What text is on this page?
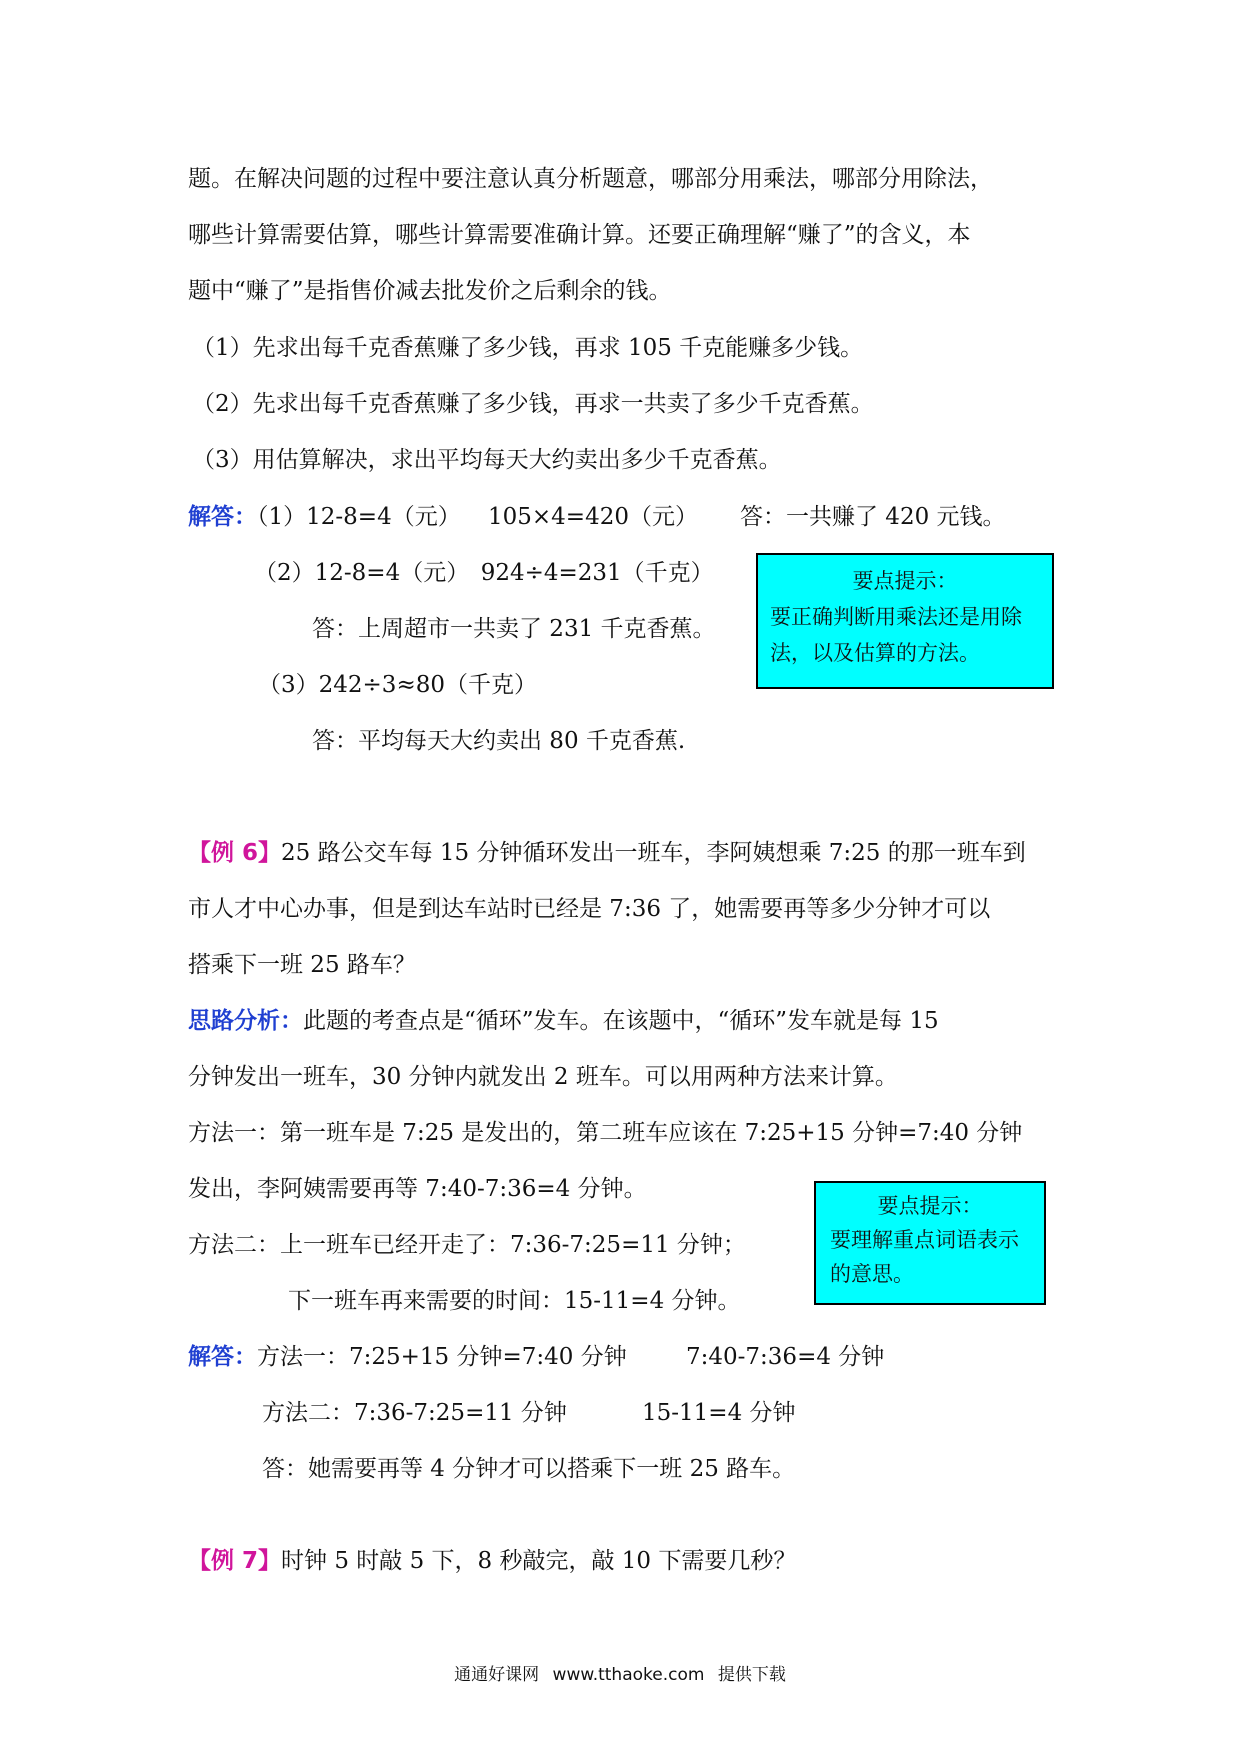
题。在解决问题的过程中要注意认真分析题意，哪部分用乘法，哪部分用除法，

哪些计算需要估算，哪些计算需要准确计算。还要正确理解“赚了”的含义，本

题中“赚了”是指售价减去批发价之后剩余的钱。

（1）先求出每千克香蕉赚了多少钱，再求 105 千克能赚多少钱。

（2）先求出每千克香蕉赚了多少钱，再求一共卖了多少千克香蕉。

（3）用估算解决，求出平均每天大约卖出多少千克香蕉。

解答：（1）12-8=4（元） 105×4=420（元） 答：一共赚了 420 元钱。

（2）12-8=4（元）　924÷4=231（千克）

答：上周超市一共卖了 231 千克香蕉。

（3）242÷3≈80（千克）

答：平均每天大约卖出 80 千克香蕉.

要点提示：
要正确判断用乘法还是用除
法，以及估算的方法。

【例 6】25 路公交车每 15 分钟循环发出一班车，李阿姨想乘 7:25 的那一班车到

市人才中心办事，但是到达车站时已经是 7:36 了，她需要再等多少分钟才可以

搭乘下一班 25 路车？

思路分析：此题的考查点是“循环”发车。在该题中，“循环”发车就是每 15

分钟发出一班车，30 分钟内就发出 2 班车。可以用两种方法来计算。

方法一：第一班车是 7:25 是发出的，第二班车应该在 7:25+15 分钟=7:40 分钟

发出，李阿姨需要再等 7:40-7:36=4 分钟。

方法二：上一班车已经开走了：7:36-7:25=11 分钟；

下一班车再来需要的时间：15-11=4 分钟。

要点提示：
要理解重点词语表示
的意思。

解答：方法一：7:25+15 分钟=7:40 分钟	7:40-7:36=4 分钟

方法二：7:36-7:25=11 分钟	15-11=4 分钟

答：她需要再等 4 分钟才可以搭乘下一班 25 路车。

【例 7】时钟 5 时敲 5 下，8 秒敲完，敲 10 下需要几秒？

通通好课网 www.tthaoke.com 提供下载
